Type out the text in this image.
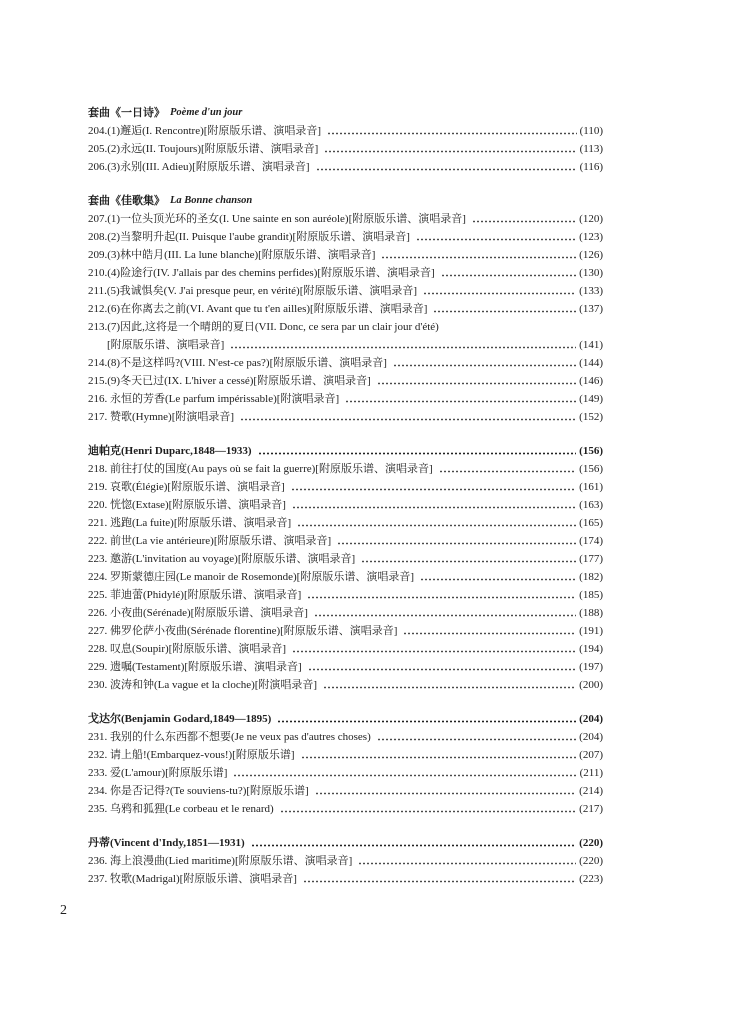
套曲《一日诗》 Poème d'un jour
204.(1)邂逅(I. Rencontre)[附原版乐谱、演唱录音]	(110)
205.(2)永远(II. Toujours)[附原版乐谱、演唱录音]	(113)
206.(3)永别(III. Adieu)[附原版乐谱、演唱录音]	(116)
套曲《佳歌集》 La Bonne chanson
207.(1)一位头顶光环的圣女(I. Une sainte en son auréole)[附原版乐谱、演唱录音]	(120)
208.(2)当黎明升起(II. Puisque l'aube grandit)[附原版乐谱、演唱录音]	(123)
209.(3)林中皓月(III. La lune blanche)[附原版乐谱、演唱录音]	(126)
210.(4)险途行(IV. J'allais par des chemins perfides)[附原版乐谱、演唱录音]	(130)
211.(5)我诚惧矣(V. J'ai presque peur, en vérité)[附原版乐谱、演唱录音]	(133)
212.(6)在你离去之前(VI. Avant que tu t'en ailles)[附原版乐谱、演唱录音]	(137)
213.(7)因此,这将是一个晴朗的夏日(VII. Donc, ce sera par un clair jour d'été)
[附原版乐谱、演唱录音]	(141)
214.(8)不是这样吗?(VIII. N'est-ce pas?)[附原版乐谱、演唱录音]	(144)
215.(9)冬天已过(IX. L'hiver a cessé)[附原版乐谱、演唱录音]	(146)
216. 永恒的芳香(Le parfum impérissable)[附演唱录音]	(149)
217. 赞歌(Hymne)[附演唱录音]	(152)
迪帕克(Henri Duparc,1848—1933)	(156)
218. 前往打仗的国度(Au pays où se fait la guerre)[附原版乐谱、演唱录音]	(156)
219. 哀歌(Élégie)[附原版乐谱、演唱录音]	(161)
220. 恍惚(Extase)[附原版乐谱、演唱录音]	(163)
221. 逃跑(La fuite)[附原版乐谱、演唱录音]	(165)
222. 前世(La vie antérieure)[附原版乐谱、演唱录音]	(174)
223. 邀游(L'invitation au voyage)[附原版乐谱、演唱录音]	(177)
224. 罗斯蒙德庄园(Le manoir de Rosemonde)[附原版乐谱、演唱录音]	(182)
225. 菲迪蕾(Phidylé)[附原版乐谱、演唱录音]	(185)
226. 小夜曲(Sérénade)[附原版乐谱、演唱录音]	(188)
227. 佛罗伦萨小夜曲(Sérénade florentine)[附原版乐谱、演唱录音]	(191)
228. 叹息(Soupir)[附原版乐谱、演唱录音]	(194)
229. 遗嘱(Testament)[附原版乐谱、演唱录音]	(197)
230. 波涛和钟(La vague et la cloche)[附演唱录音]	(200)
戈达尔(Benjamin Godard,1849—1895)	(204)
231. 我别的什么东西都不想要(Je ne veux pas d'autres choses)	(204)
232. 请上船!(Embarquez-vous!)[附原版乐谱]	(207)
233. 爱(L'amour)[附原版乐谱]	(211)
234. 你是否记得?(Te souviens-tu?)[附原版乐谱]	(214)
235. 乌鸦和狐狸(Le corbeau et le renard)	(217)
丹蒂(Vincent d'Indy,1851—1931)	(220)
236. 海上浪漫曲(Lied maritime)[附原版乐谱、演唱录音]	(220)
237. 牧歌(Madrigal)[附原版乐谱、演唱录音]	(223)
2
